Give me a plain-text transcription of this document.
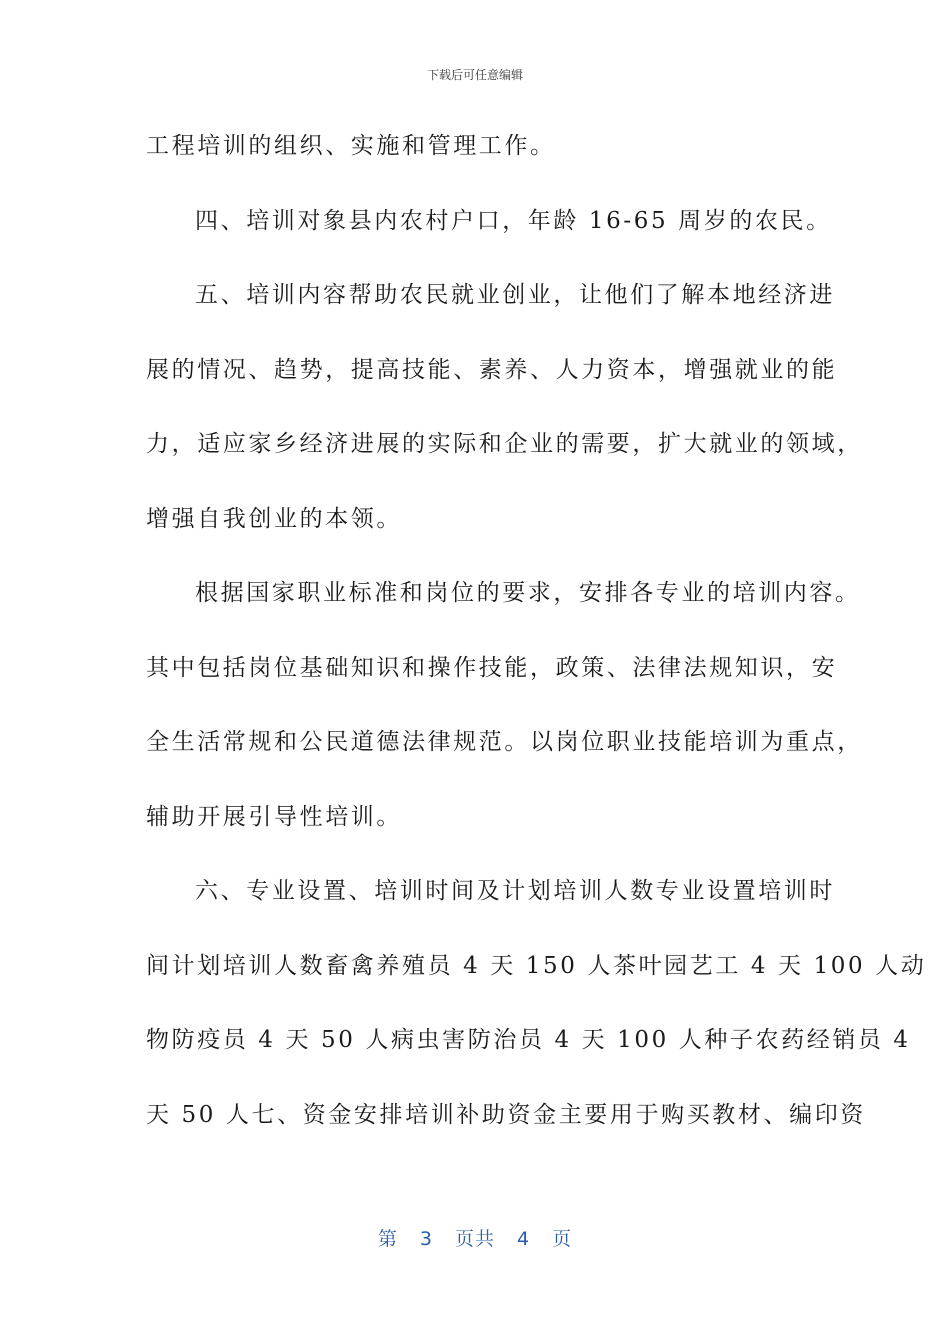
下载后可任意编辑
工程培训的组织、实施和管理工作。
四、培训对象县内农村户口，年龄 16-65 周岁的农民。
五、培训内容帮助农民就业创业，让他们了解本地经济进
展的情况、趋势，提高技能、素养、人力资本，增强就业的能
力，适应家乡经济进展的实际和企业的需要，扩大就业的领域，
增强自我创业的本领。
根据国家职业标准和岗位的要求，安排各专业的培训内容。
其中包括岗位基础知识和操作技能，政策、法律法规知识，安
全生活常规和公民道德法律规范。以岗位职业技能培训为重点，
辅助开展引导性培训。
六、专业设置、培训时间及计划培训人数专业设置培训时
间计划培训人数畜禽养殖员 4 天 150 人茶叶园艺工 4 天 100 人动
物防疫员 4 天 50 人病虫害防治员 4 天 100 人种子农药经销员 4
天 50 人七、资金安排培训补助资金主要用于购买教材、编印资
第 3 页共 4 页
